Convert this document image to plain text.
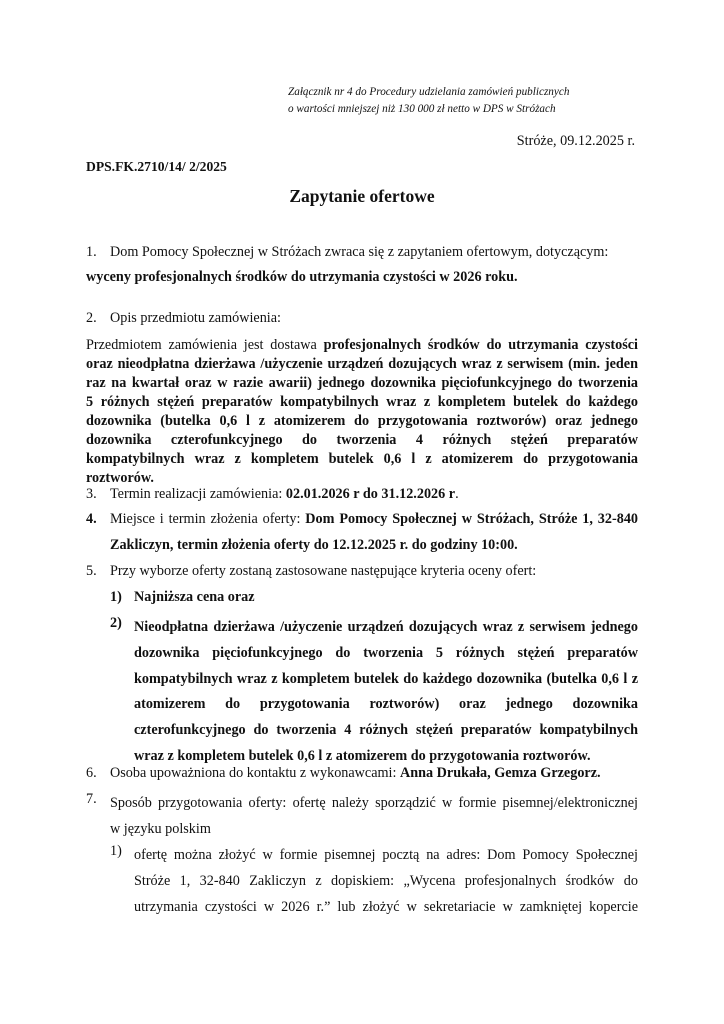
Załącznik nr 4 do Procedury udzielania zamówień publicznych
o wartości mniejszej niż 130 000 zł netto w DPS w Stróżach
Stróże, 09.12.2025 r.
DPS.FK.2710/14/ 2/2025
Zapytanie ofertowe
1. Dom Pomocy Społecznej w Stróżach zwraca się z zapytaniem ofertowym, dotyczącym:
wyceny profesjonalnych środków do utrzymania czystości w 2026 roku.
2. Opis przedmiotu zamówienia:
Przedmiotem zamówienia jest dostawa profesjonalnych środków do utrzymania czystości
oraz nieodpłatna dzierżawa /użyczenie urządzeń dozujących wraz z serwisem (min. jeden
raz na kwartał oraz w razie awarii) jednego dozownika pięciofunkcyjnego do tworzenia
5 różnych stężeń preparatów kompatybilnych wraz z kompletem butelek do każdego
dozownika (butelka 0,6 l z atomizerem do przygotowania roztworów) oraz jednego
dozownika czterofunkcyjnego do tworzenia 4 różnych stężeń preparatów
kompatybilnych wraz z kompletem butelek 0,6 l z atomizerem do przygotowania
roztworów.
3. Termin realizacji zamówienia: 02.01.2026 r do 31.12.2026 r.
4. Miejsce i termin złożenia oferty: Dom Pomocy Społecznej w Stróżach, Stróże 1, 32-840
Zakliczyn, termin złożenia oferty do 12.12.2025 r. do godziny 10:00.
5. Przy wyborze oferty zostaną zastosowane następujące kryteria oceny ofert:
1) Najniższa cena oraz
2) Nieodpłatna dzierżawa /użyczenie urządzeń dozujących wraz z serwisem jednego
dozownika pięciofunkcyjnego do tworzenia 5 różnych stężeń preparatów
kompatybilnych wraz z kompletem butelek do każdego dozownika (butelka 0,6 l z
atomizerem do przygotowania roztworów) oraz jednego dozownika
czterofunkcyjnego do tworzenia 4 różnych stężeń preparatów kompatybilnych
wraz z kompletem butelek 0,6 l z atomizerem do przygotowania roztworów.
6. Osoba upoważniona do kontaktu z wykonawcami: Anna Drukała, Gemza Grzegorz.
7. Sposób przygotowania oferty: ofertę należy sporządzić w formie pisemnej/elektronicznej
w języku polskim
1) ofertę można złożyć w formie pisemnej pocztą na adres: Dom Pomocy Społecznej
Stróże 1, 32-840 Zakliczyn z dopiskiem: „Wycena profesjonalnych środków do
utrzymania czystości w 2026 r.” lub złożyć w sekretariacie w zamkniętej kopercie
